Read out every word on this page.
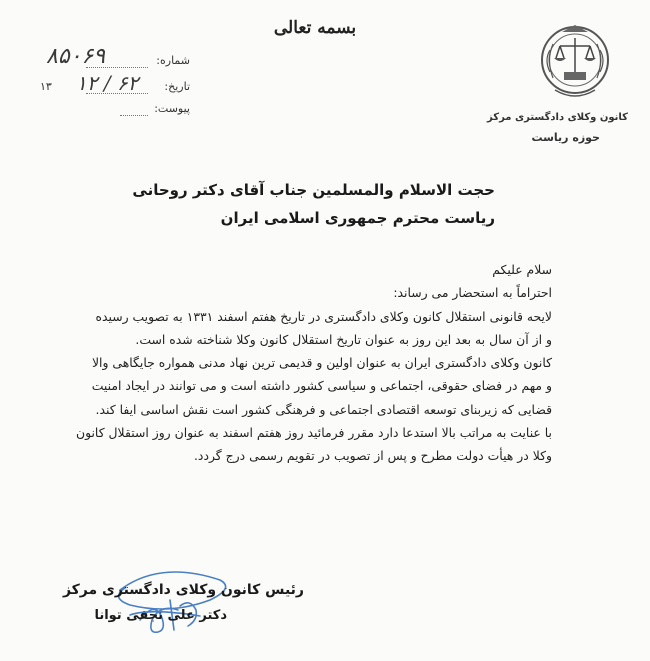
بسمه تعالی
کانون وکلای دادگستری مرکز
حوزه ریاست
شماره:
۸۵۰۶۹
تاریخ:
۱۳ ۱۲ / ۶۲
پیوست:
حجت الاسلام والمسلمین جناب آقای دکتر روحانی
ریاست محترم جمهوری اسلامی ایران

سلام علیکم

احتراماً به استحضار می رساند:

لایحه قانونی استقلال کانون وکلای دادگستری در تاریخ هفتم اسفند ۱۳۳۱ به تصویب رسیده

و از آن سال به بعد این روز به عنوان تاریخ استقلال کانون وکلا شناخته شده است.

کانون وکلای دادگستری ایران به عنوان اولین و قدیمی ترین نهاد مدنی همواره جایگاهی والا

و مهم در فضای حقوقی، اجتماعی و سیاسی کشور داشته است و می توانند در ایجاد امنیت

قضایی که زیربنای توسعه اقتصادی اجتماعی و فرهنگی کشور است نقش اساسی ایفا کند.

با عنایت به مراتب بالا استدعا دارد مقرر فرمائید روز هفتم اسفند به عنوان روز استقلال کانون

وکلا در هیأت دولت مطرح و پس از تصویب در تقویم رسمی درج گردد.

رئیس کانون وکلای دادگستری مرکز
دکتر علی نجفی توانا
